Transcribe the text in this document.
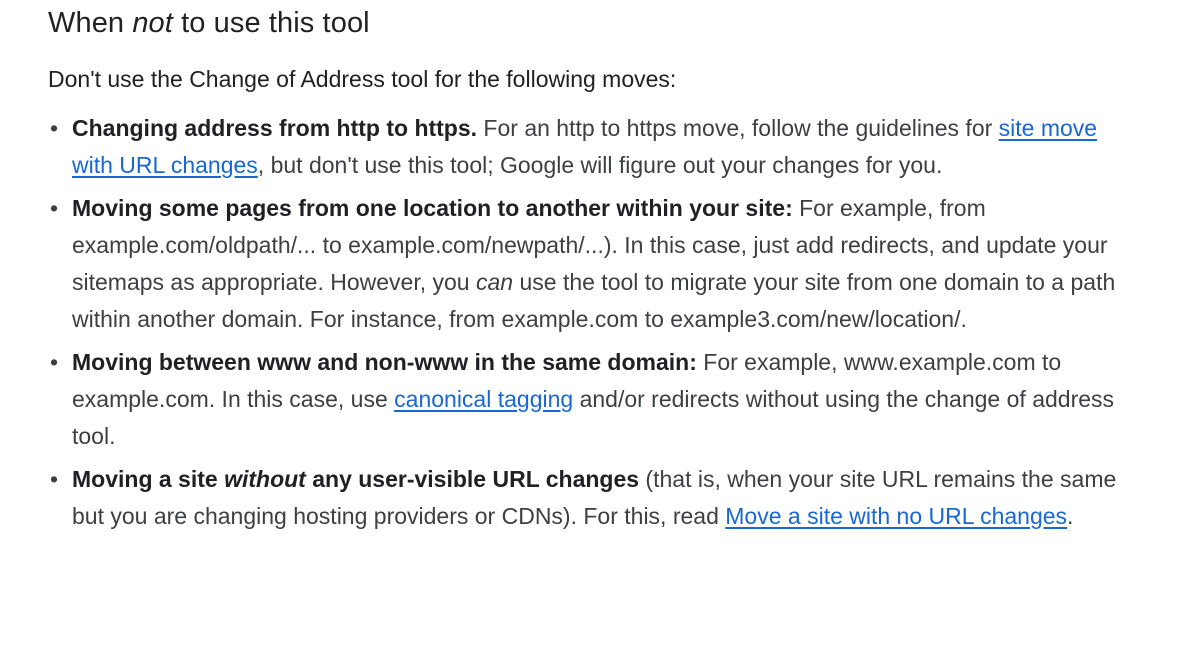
When not to use this tool

Don't use the Change of Address tool for the following moves:

• Changing address from http to https. For an http to https move, follow the guidelines for site move with URL changes, but don't use this tool; Google will figure out your changes for you.
• Moving some pages from one location to another within your site: For example, from example.com/oldpath/... to example.com/newpath/...). In this case, just add redirects, and update your sitemaps as appropriate. However, you can use the tool to migrate your site from one domain to a path within another domain. For instance, from example.com to example3.com/new/location/.
• Moving between www and non-www in the same domain: For example, www.example.com to example.com. In this case, use canonical tagging and/or redirects without using the change of address tool.
• Moving a site without any user-visible URL changes (that is, when your site URL remains the same but you are changing hosting providers or CDNs). For this, read Move a site with no URL changes.
